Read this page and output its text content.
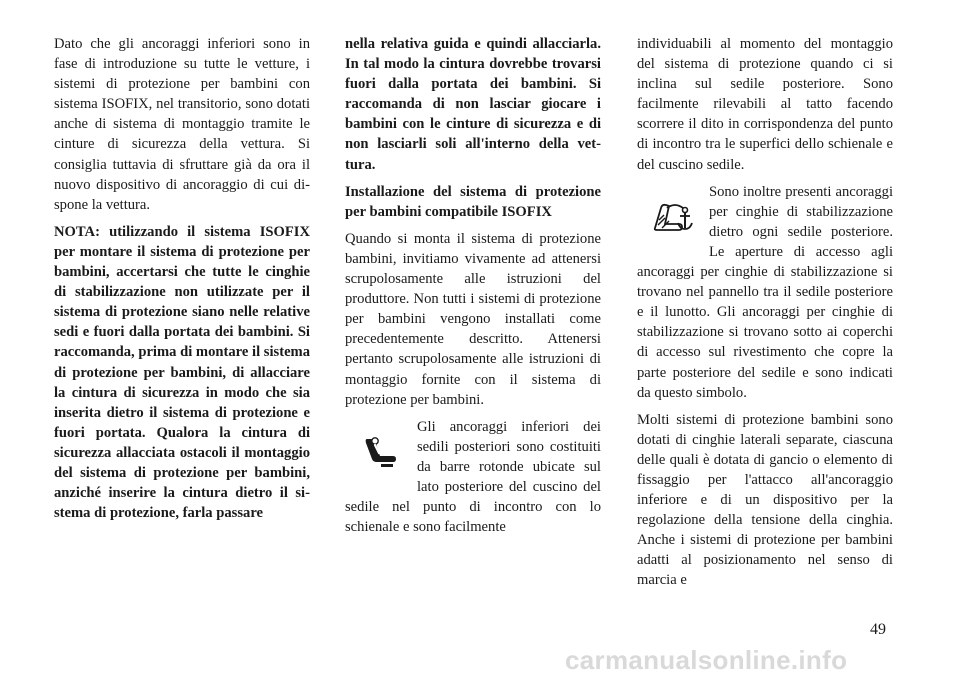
Dato che gli ancoraggi inferiori sono in fase di introduzione su tutte le vetture, i sistemi di protezione per bambini con sistema ISOFIX, nel transitorio, sono dotati anche di sistema di montaggio tramite le cinture di sicurezza della vettura. Si consiglia tuttavia di sfruttare già da ora il nuovo dispositivo di ancoraggio di cui dispone la vettura.

NOTA: utilizzando il sistema ISOFIX per montare il sistema di protezione per bambini, accertarsi che tutte le cinghie di stabilizzazione non utilizzate per il sistema di protezione siano nelle relative sedi e fuori dalla portata dei bambini. Si raccomanda, prima di montare il sistema di protezione per bambini, di allacciare la cintura di sicurezza in modo che sia inserita dietro il sistema di protezione e fuori portata. Qualora la cintura di sicurezza allacciata ostacoli il montaggio del sistema di protezione per bambini, anziché inserire la cintura dietro il sistema di protezione, farla passare

nella relativa guida e quindi allacciarla. In tal modo la cintura dovrebbe trovarsi fuori dalla portata dei bambini. Si raccomanda di non lasciar giocare i bambini con le cinture di sicurezza e di non lasciarli soli all'interno della vettura.

Installazione del sistema di protezione per bambini compatibile ISOFIX

Quando si monta il sistema di protezione bambini, invitiamo vivamente ad attenersi scrupolosamente alle istruzioni del produttore. Non tutti i sistemi di protezione per bambini vengono installati come precedentemente descritto. Attenersi pertanto scrupolosamente alle istruzioni di montaggio fornite con il sistema di protezione per bambini.

Gli ancoraggi inferiori dei sedili posteriori sono costituiti da barre rotonde ubicate sul lato posteriore del cuscino del sedile nel punto di incontro con lo schienale e sono facilmente

individuabili al momento del montaggio del sistema di protezione quando ci si inclina sul sedile posteriore. Sono facilmente rilevabili al tatto facendo scorrere il dito in corrispondenza del punto di incontro tra le superfici dello schienale e del cuscino sedile.

Sono inoltre presenti ancoraggi per cinghie di stabilizzazione dietro ogni sedile posteriore. Le aperture di accesso agli ancoraggi per cinghie di stabilizzazione si trovano nel pannello tra il sedile posteriore e il lunotto. Gli ancoraggi per cinghie di stabilizzazione si trovano sotto ai coperchi di accesso sul rivestimento che copre la parte posteriore del sedile e sono indicati da questo simbolo.

Molti sistemi di protezione bambini sono dotati di cinghie laterali separate, ciascuna delle quali è dotata di gancio o elemento di fissaggio per l'attacco all'ancoraggio inferiore e di un dispositivo per la regolazione della tensione della cinghia. Anche i sistemi di protezione per bambini adatti al posizionamento nel senso di marcia e

49
carmanualsonline.info
